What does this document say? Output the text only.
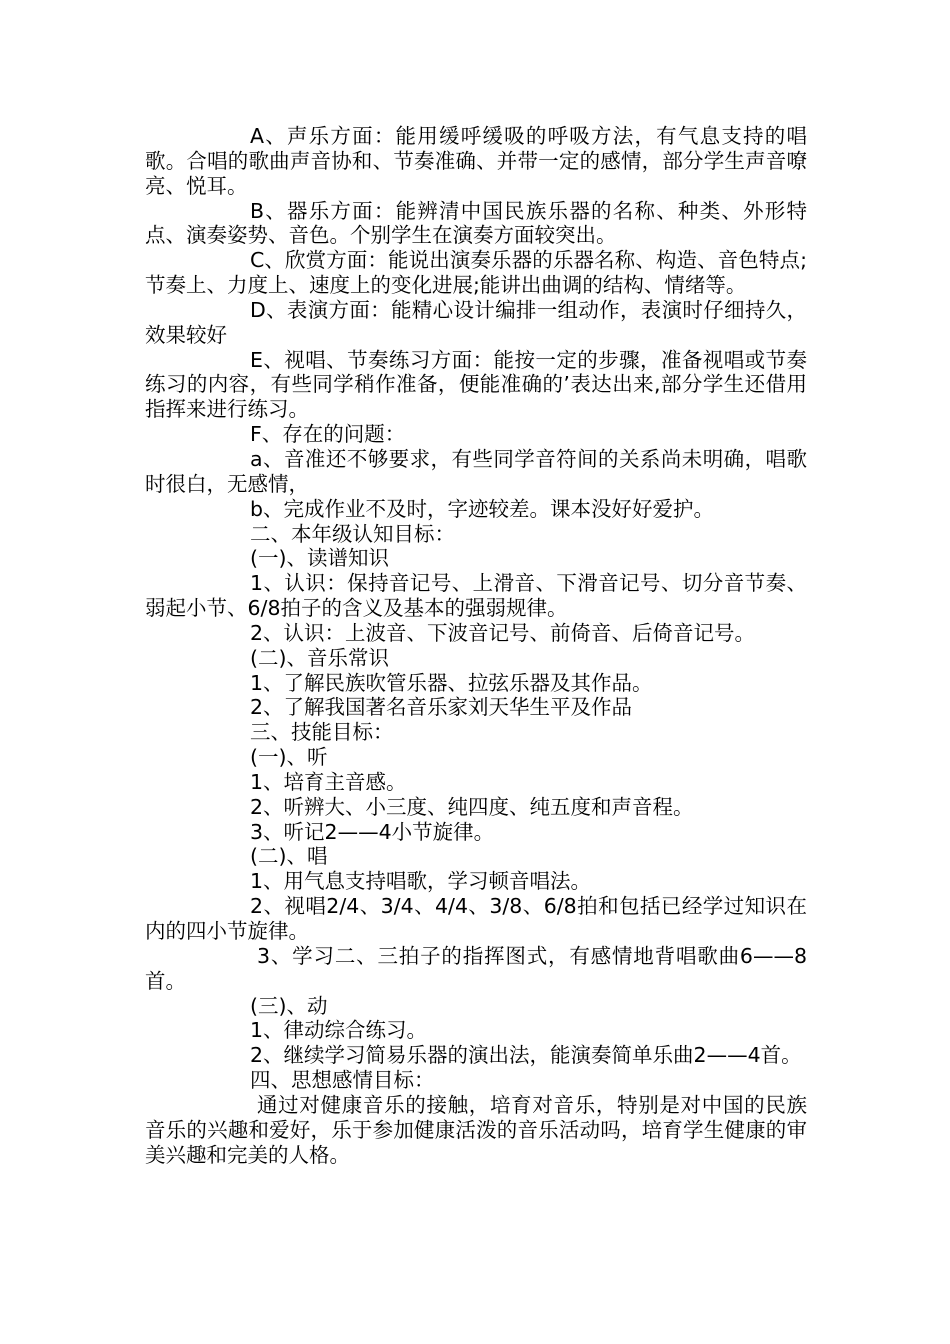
A、声乐方面：能用缓呼缓吸的呼吸方法，有气息支持的唱歌。合唱的歌曲声音协和、节奏准确、并带一定的感情，部分学生声音嘹亮、悦耳。

B、器乐方面：能辨清中国民族乐器的名称、种类、外形特点、演奏姿势、音色。个别学生在演奏方面较突出。

C、欣赏方面：能说出演奏乐器的乐器名称、构造、音色特点;节奏上、力度上、速度上的变化进展;能讲出曲调的结构、情绪等。

D、表演方面：能精心设计编排一组动作，表演时仔细持久，效果较好

E、视唱、节奏练习方面：能按一定的步骤，准备视唱或节奏练习的内容，有些同学稍作准备，便能准确的’表达出来,部分学生还借用指挥来进行练习。

F、存在的问题：

a、音准还不够要求，有些同学音符间的关系尚未明确，唱歌时很白，无感情，

b、完成作业不及时，字迹较差。课本没好好爱护。

二、本年级认知目标：

(一)、读谱知识

1、认识：保持音记号、上滑音、下滑音记号、切分音节奏、弱起小节、6/8拍子的含义及基本的强弱规律。

2、认识：上波音、下波音记号、前倚音、后倚音记号。

(二)、音乐常识

1、了解民族吹管乐器、拉弦乐器及其作品。

2、了解我国著名音乐家刘天华生平及作品

三、技能目标：

(一)、听

1、培育主音感。

2、听辨大、小三度、纯四度、纯五度和声音程。

3、听记2——4小节旋律。

(二)、唱

1、用气息支持唱歌，学习顿音唱法。

2、视唱2/4、3/4、4/4、3/8、6/8拍和包括已经学过知识在内的四小节旋律。

3、学习二、三拍子的指挥图式，有感情地背唱歌曲6——8首。

(三)、动

1、律动综合练习。

2、继续学习简易乐器的演出法，能演奏简单乐曲2——4首。

四、思想感情目标：

通过对健康音乐的接触，培育对音乐，特别是对中国的民族音乐的兴趣和爱好，乐于参加健康活泼的音乐活动吗，培育学生健康的审美兴趣和完美的人格。
